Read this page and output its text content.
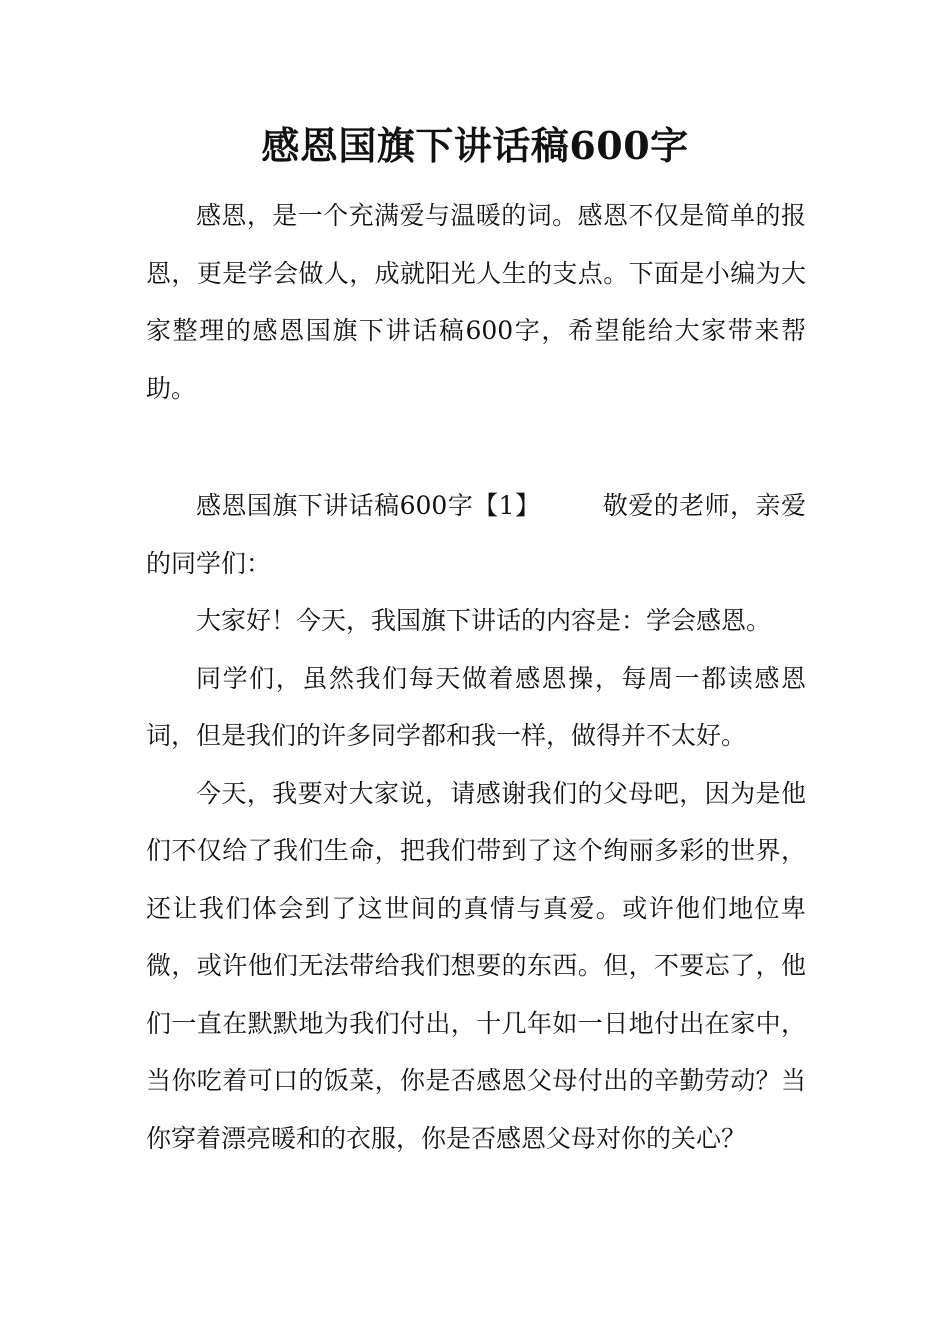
感恩国旗下讲话稿600字

感恩，是一个充满爱与温暖的词。感恩不仅是简单的报恩，更是学会做人，成就阳光人生的支点。下面是小编为大家整理的感恩国旗下讲话稿600字，希望能给大家带来帮助。

感恩国旗下讲话稿600字【1】 敬爱的老师，亲爱的同学们：

大家好！今天，我国旗下讲话的内容是：学会感恩。

同学们，虽然我们每天做着感恩操，每周一都读感恩词，但是我们的许多同学都和我一样，做得并不太好。

今天，我要对大家说，请感谢我们的父母吧，因为是他们不仅给了我们生命，把我们带到了这个绚丽多彩的世界，还让我们体会到了这世间的真情与真爱。或许他们地位卑微，或许他们无法带给我们想要的东西。但，不要忘了，他们一直在默默地为我们付出，十几年如一日地付出在家中，当你吃着可口的饭菜，你是否感恩父母付出的辛勤劳动？当你穿着漂亮暖和的衣服，你是否感恩父母对你的关心？
